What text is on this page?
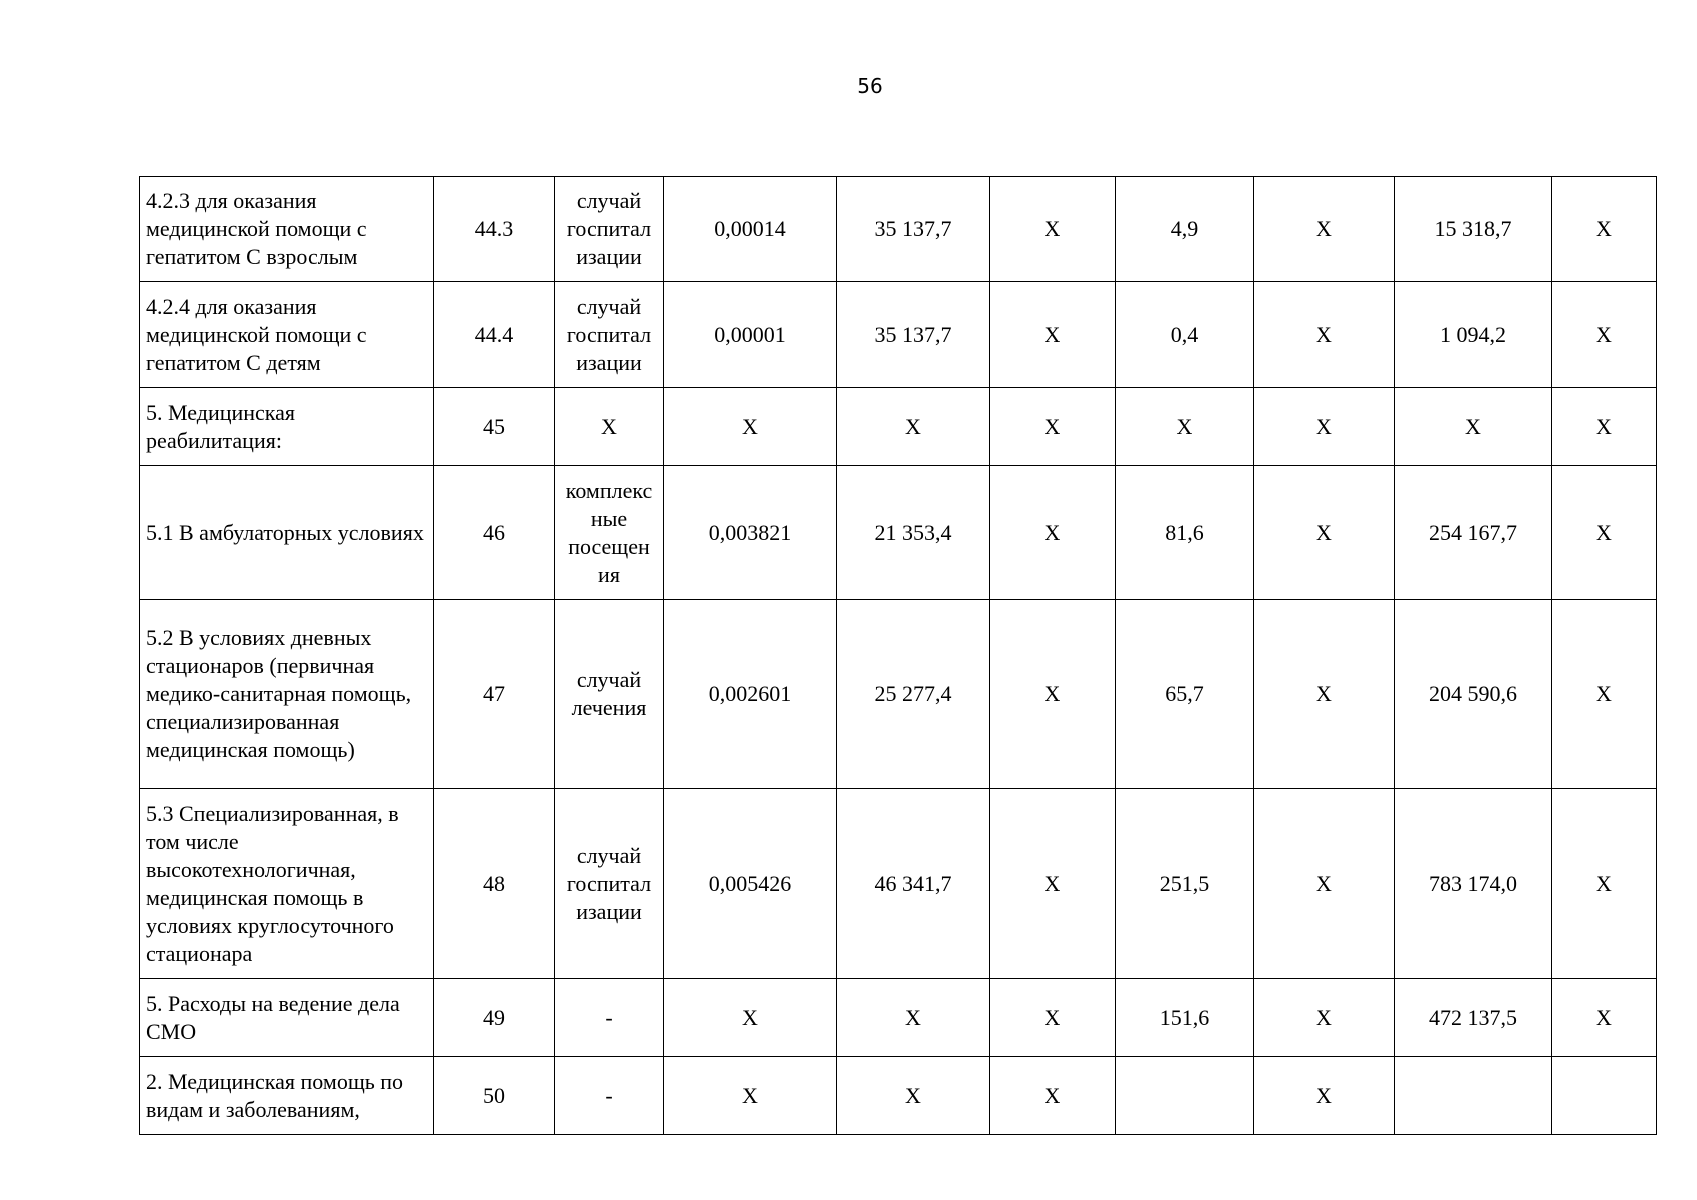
56
4.2.3 для оказания медицинской помощи с гепатитом С взрослым	44.3	случай госпитал изации	0,00014	35 137,7	X	4,9	X	15 318,7	X
4.2.4 для оказания медицинской помощи с гепатитом С детям	44.4	случай госпитал изации	0,00001	35 137,7	X	0,4	X	1 094,2	X
5. Медицинская реабилитация:	45	X	X	X	X	X	X	X	X
5.1 В амбулаторных условиях	46	комплекс ные посещен ия	0,003821	21 353,4	X	81,6	X	254 167,7	X
5.2 В условиях дневных стационаров (первичная медико-санитарная помощь, специализированная медицинская помощь)	47	случай лечения	0,002601	25 277,4	X	65,7	X	204 590,6	X
5.3 Специализированная, в том числе высокотехнологичная, медицинская помощь в условиях круглосуточного стационара	48	случай госпитал изации	0,005426	46 341,7	X	251,5	X	783 174,0	X
5. Расходы на ведение дела СМО	49	-	X	X	X	151,6	X	472 137,5	X
2. Медицинская помощь по видам и заболеваниям,	50	-	X	X	X		X		
